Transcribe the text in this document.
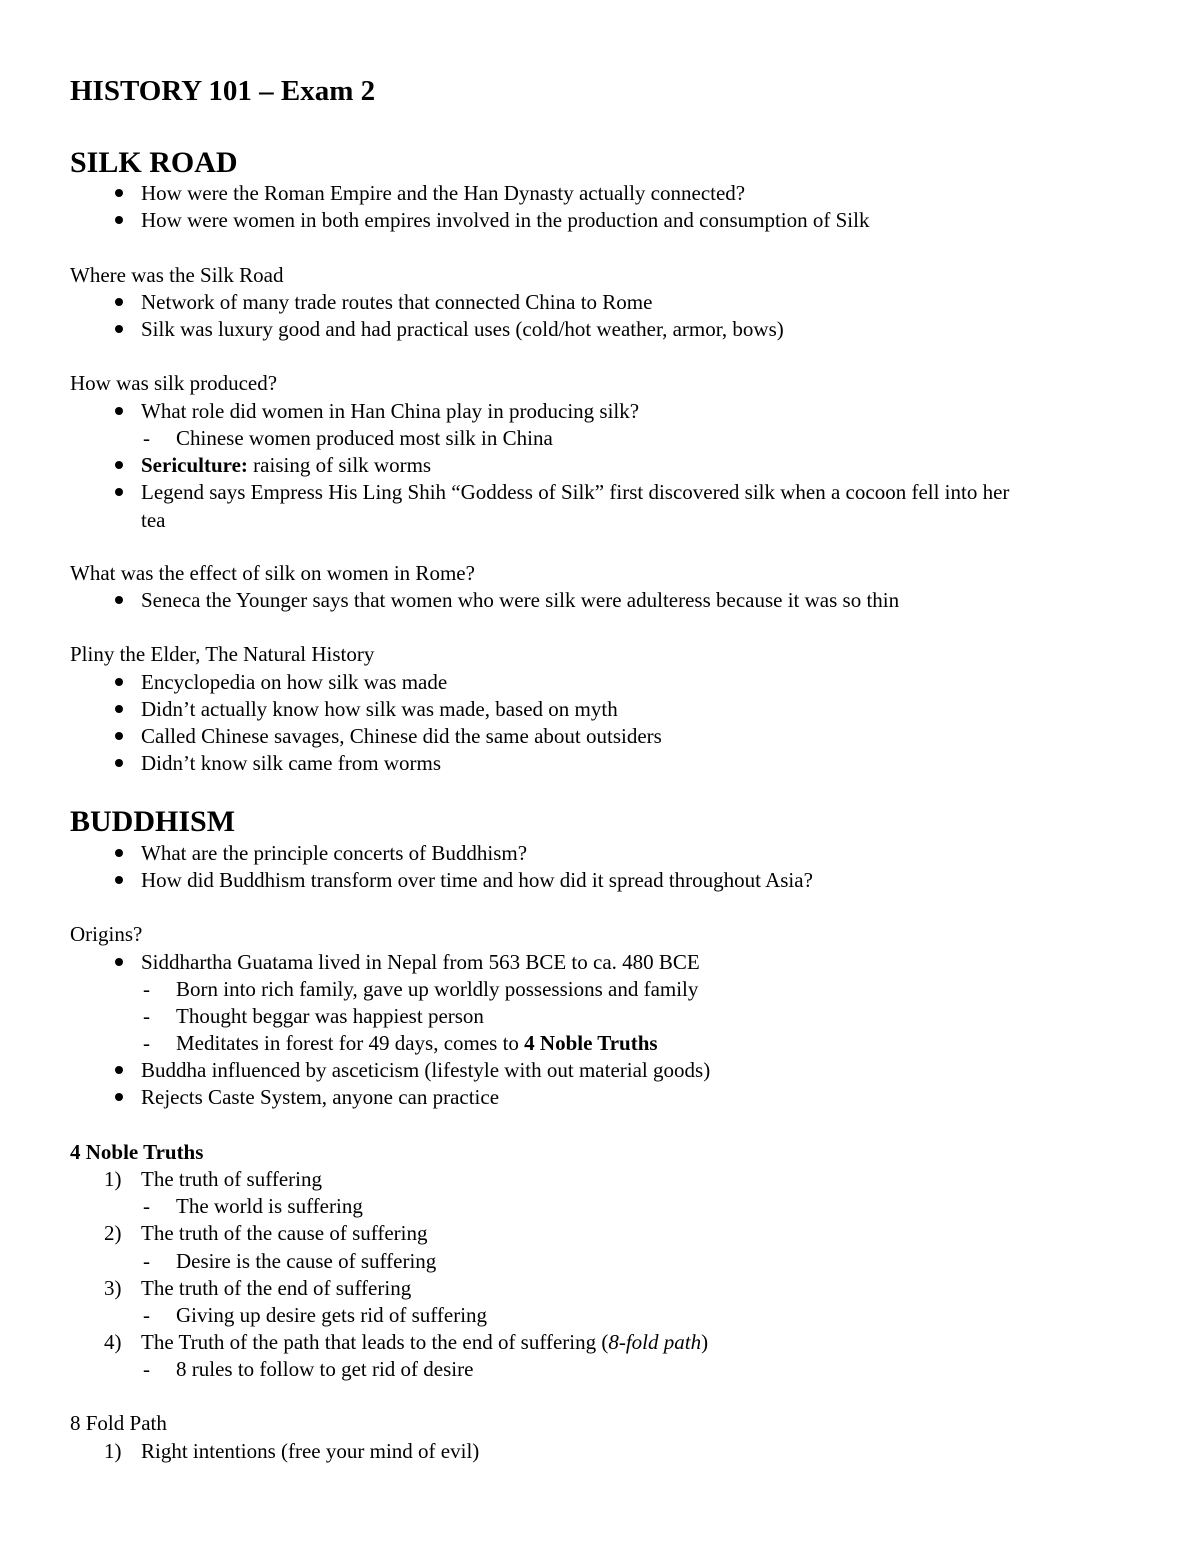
HISTORY 101 – Exam 2
SILK ROAD
How were the Roman Empire and the Han Dynasty actually connected?
How were women in both empires involved in the production and consumption of Silk
Where was the Silk Road
Network of many trade routes that connected China to Rome
Silk was luxury good and had practical uses (cold/hot weather, armor, bows)
How was silk produced?
What role did women in Han China play in producing silk?
- Chinese women produced most silk in China
Sericulture: raising of silk worms
Legend says Empress His Ling Shih “Goddess of Silk” first discovered silk when a cocoon fell into her
tea
What was the effect of silk on women in Rome?
Seneca the Younger says that women who were silk were adulteress because it was so thin
Pliny the Elder, The Natural History
Encyclopedia on how silk was made
Didn’t actually know how silk was made, based on myth
Called Chinese savages, Chinese did the same about outsiders
Didn’t know silk came from worms
BUDDHISM
What are the principle concerts of Buddhism?
How did Buddhism transform over time and how did it spread throughout Asia?
Origins?
Siddhartha Guatama lived in Nepal from 563 BCE to ca. 480 BCE
- Born into rich family, gave up worldly possessions and family
- Thought beggar was happiest person
- Meditates in forest for 49 days, comes to 4 Noble Truths
Buddha influenced by asceticism (lifestyle with out material goods)
Rejects Caste System, anyone can practice
4 Noble Truths
1) The truth of suffering
- The world is suffering
2) The truth of the cause of suffering
- Desire is the cause of suffering
3) The truth of the end of suffering
- Giving up desire gets rid of suffering
4) The Truth of the path that leads to the end of suffering (8-fold path)
- 8 rules to follow to get rid of desire
8 Fold Path
1) Right intentions (free your mind of evil)
